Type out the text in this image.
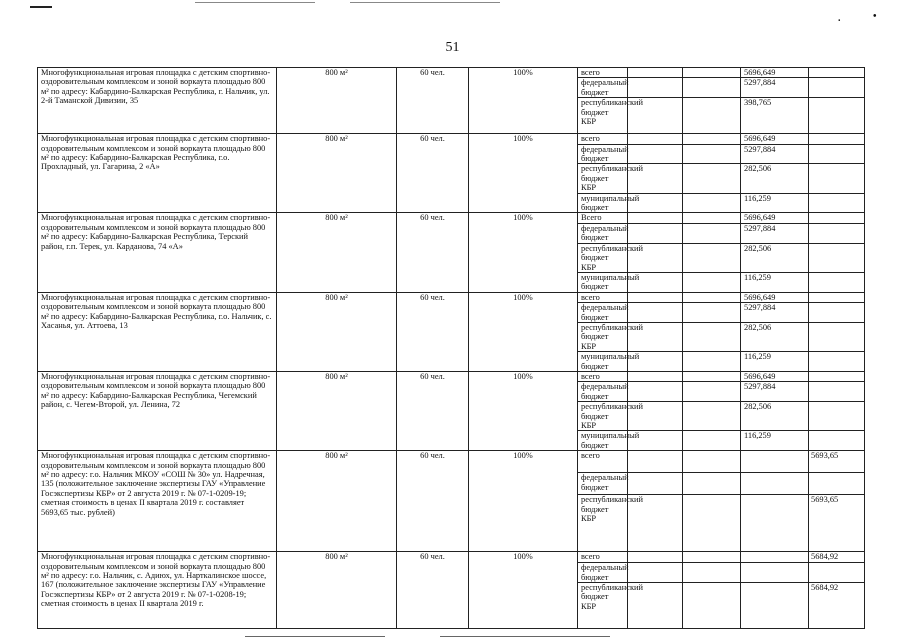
.	•
51
Многофункциональная игровая площадка с детским спортивно-оздоровительным комплексом и зоной воркаута площадью 800 м² по адресу: Кабардино-Балкарская Республика, г. Нальчик, ул. 2-й Таманской Дивизии, 35	800 м²	60 чел.	100%	всего			5696,649	
				федеральный бюджет			5297,884	
				республиканский бюджет КБР			398,765	
Многофункциональная игровая площадка с детским спортивно-оздоровительным комплексом и зоной воркаута площадью 800 м² по адресу: Кабардино-Балкарская Республика, г.о. Прохладный, ул. Гагарина, 2 «А»	800 м²	60 чел.	100%	всего			5696,649	
				федеральный бюджет			5297,884	
				республиканский бюджет КБР			282,506	
				муниципальный бюджет			116,259	
Многофункциональная игровая площадка с детским спортивно-оздоровительным комплексом и зоной воркаута площадью 800 м² по адресу: Кабардино-Балкарская Республика, Терский район, г.п. Терек, ул. Карданова, 74 «А»	800 м²	60 чел.	100%	Всего			5696,649	
				федеральный бюджет			5297,884	
				республиканский бюджет КБР			282,506	
				муниципальный бюджет			116,259	
Многофункциональная игровая площадка с детским спортивно-оздоровительным комплексом и зоной воркаута площадью 800 м² по адресу: Кабардино-Балкарская Республика, г.о. Нальчик, с. Хасанья, ул. Аттоева, 13	800 м²	60 чел.	100%	всего			5696,649	
				федеральный бюджет			5297,884	
				республиканский бюджет КБР			282,506	
				муниципальный бюджет			116,259	
Многофункциональная игровая площадка с детским спортивно-оздоровительным комплексом и зоной воркаута площадью 800 м² по адресу: Кабардино-Балкарская Республика, Чегемский район, с. Чегем-Второй, ул. Ленина, 72	800 м²	60 чел.	100%	всего			5696,649	
				федеральный бюджет			5297,884	
				республиканский бюджет КБР			282,506	
				муниципальный бюджет			116,259	
Многофункциональная игровая площадка с детским спортивно-оздоровительным комплексом и зоной воркаута площадью 800 м² по адресу: г.о. Нальчик МКОУ «СОШ № 30» ул. Надречная, 135 (положительное заключение экспертизы ГАУ «Управление Госэкспертизы КБР» от 2 августа 2019 г. № 07-1-0209-19; сметная стоимость в ценах II квартала 2019 г. составляет 5693,65 тыс. рублей)	800 м²	60 чел.	100%	всего				5693,65
				федеральный бюджет				
				республиканский бюджет КБР				5693,65
Многофункциональная игровая площадка с детским спортивно-оздоровительным комплексом и зоной воркаута площадью 800 м² по адресу: г.о. Нальчик, с. Адиюх, ул. Нарткалинское шоссе, 167 (положительное заключение экспертизы ГАУ «Управление Госэкспертизы КБР» от 2 августа 2019 г. № 07-1-0208-19; сметная стоимость в ценах II квартала 2019 г.	800 м²	60 чел.	100%	всего				5684,92
				федеральный бюджет				
				республиканский бюджет КБР				5684,92
